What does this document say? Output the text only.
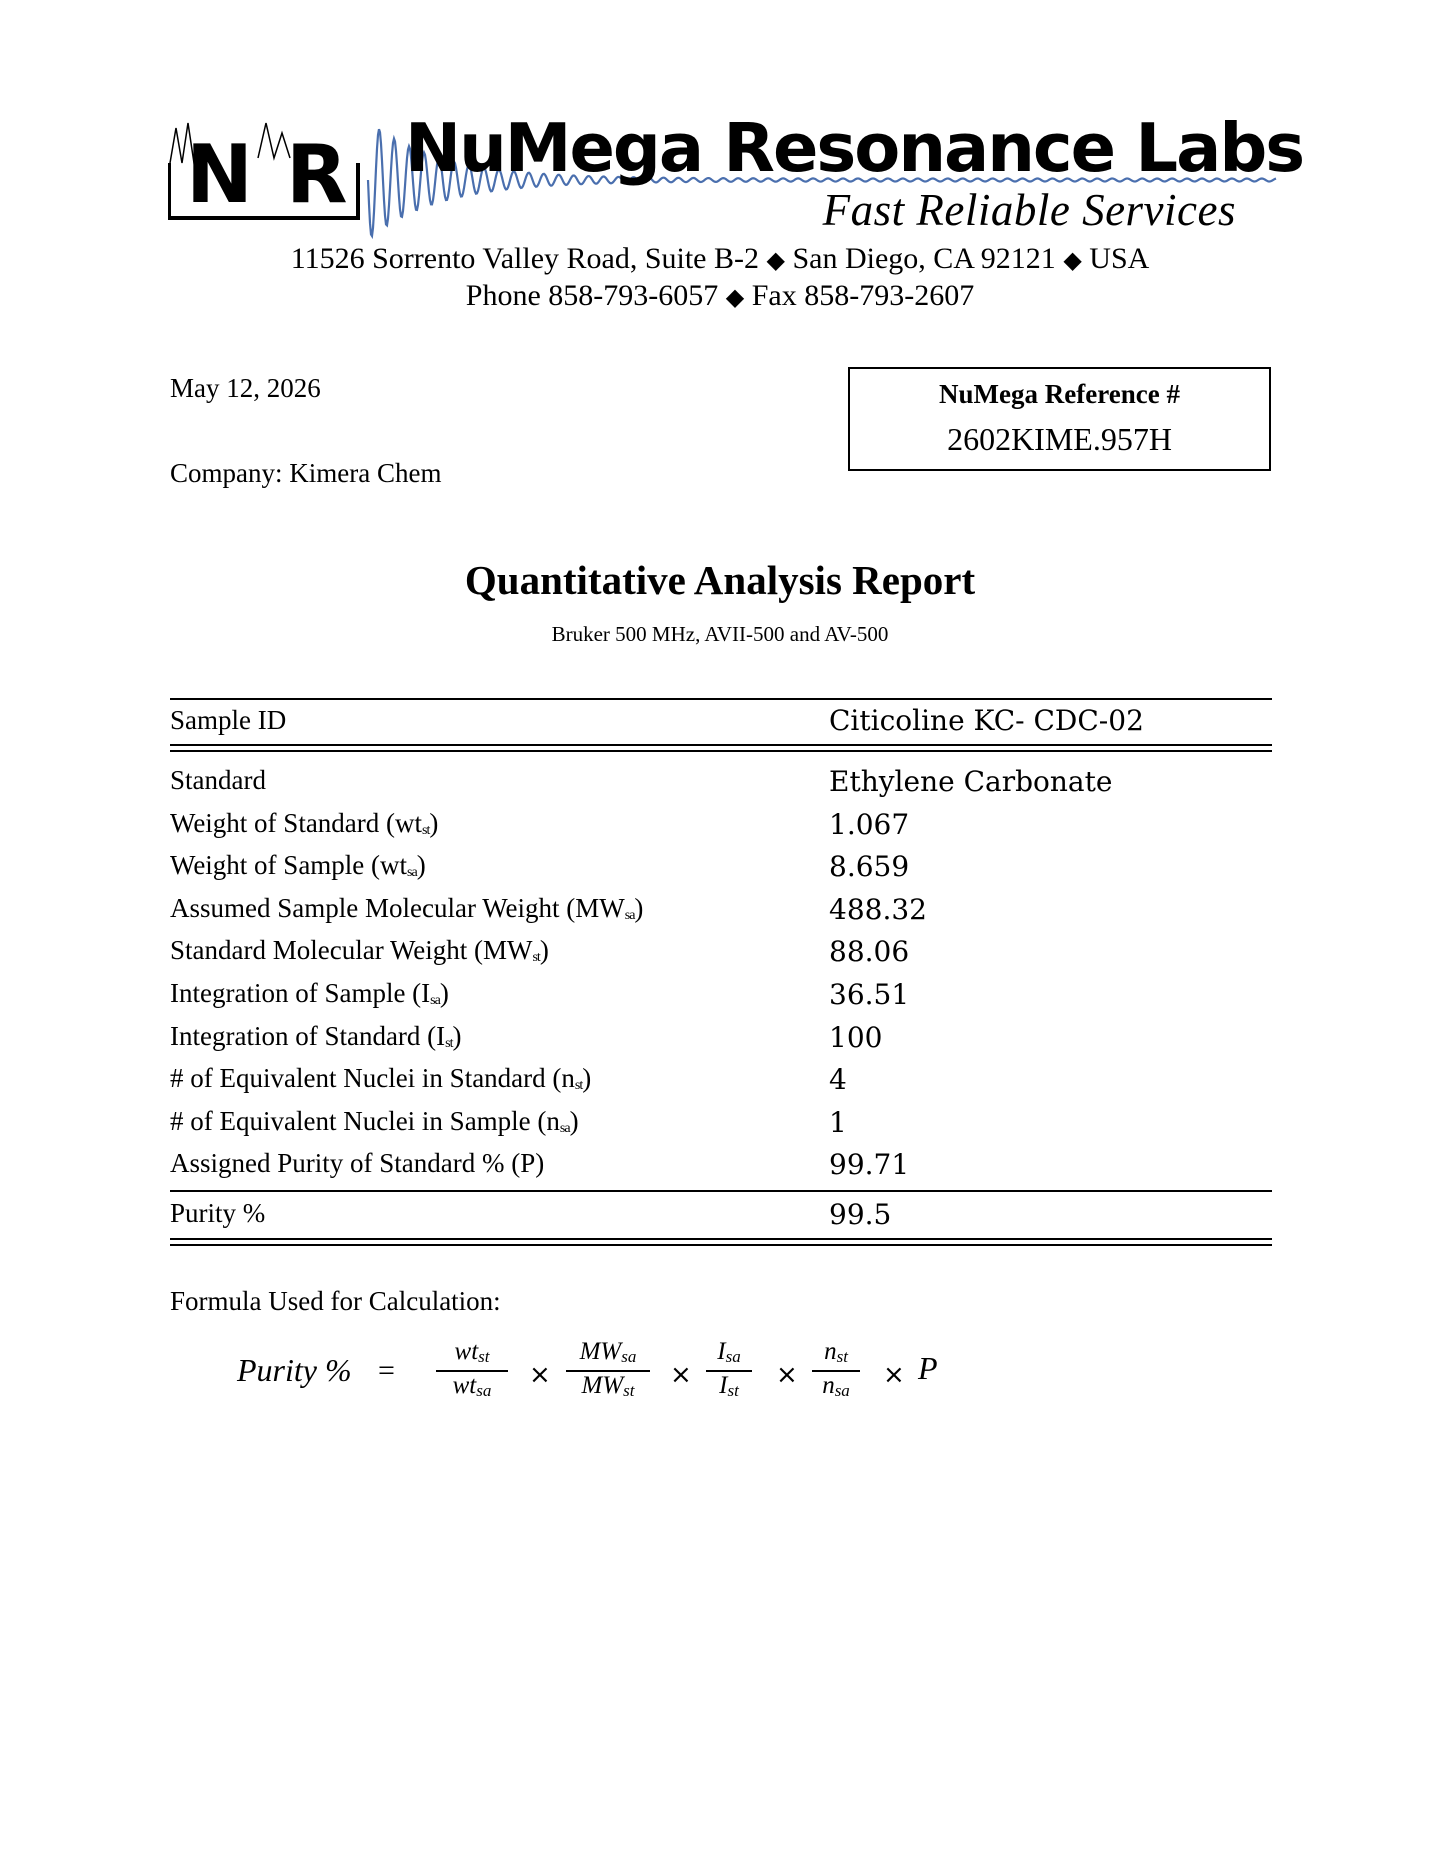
N R NuMega Resonance Labs
Fast Reliable Services
11526 Sorrento Valley Road, Suite B-2 ◆ San Diego, CA 92121 ◆ USA
Phone 858-793-6057 ◆ Fax 858-793-2607
May 12, 2026
Company: Kimera Chem
NuMega Reference #
2602KIME.957H
Quantitative Analysis Report
Bruker 500 MHz, AVII-500 and AV-500
Sample ID	Citicoline KC- CDC-02
Standard	Ethylene Carbonate
Weight of Standard $(wt_{st})$	1.067
Weight of Sample $(wt_{sa})$	8.659
Assumed Sample Molecular Weight $(MW_{sa})$	488.32
Standard Molecular Weight $(MW_{st})$	88.06
Integration of Sample $(I_{sa})$	36.51
Integration of Standard $(I_{st})$	100
# of Equivalent Nuclei in Standard $(n_{st})$	4
# of Equivalent Nuclei in Sample $(n_{sa})$	1
Assigned Purity of Standard % (P)	99.71
Purity %	99.5
Formula Used for Calculation:
Purity % =
$wt_{st}$
$wt_{sa}$
×
$MW_{sa}$
$MW_{st}$
×
$I_{sa}$
$I_{st}$
×
$n_{st}$
$n_{sa}$
× P
